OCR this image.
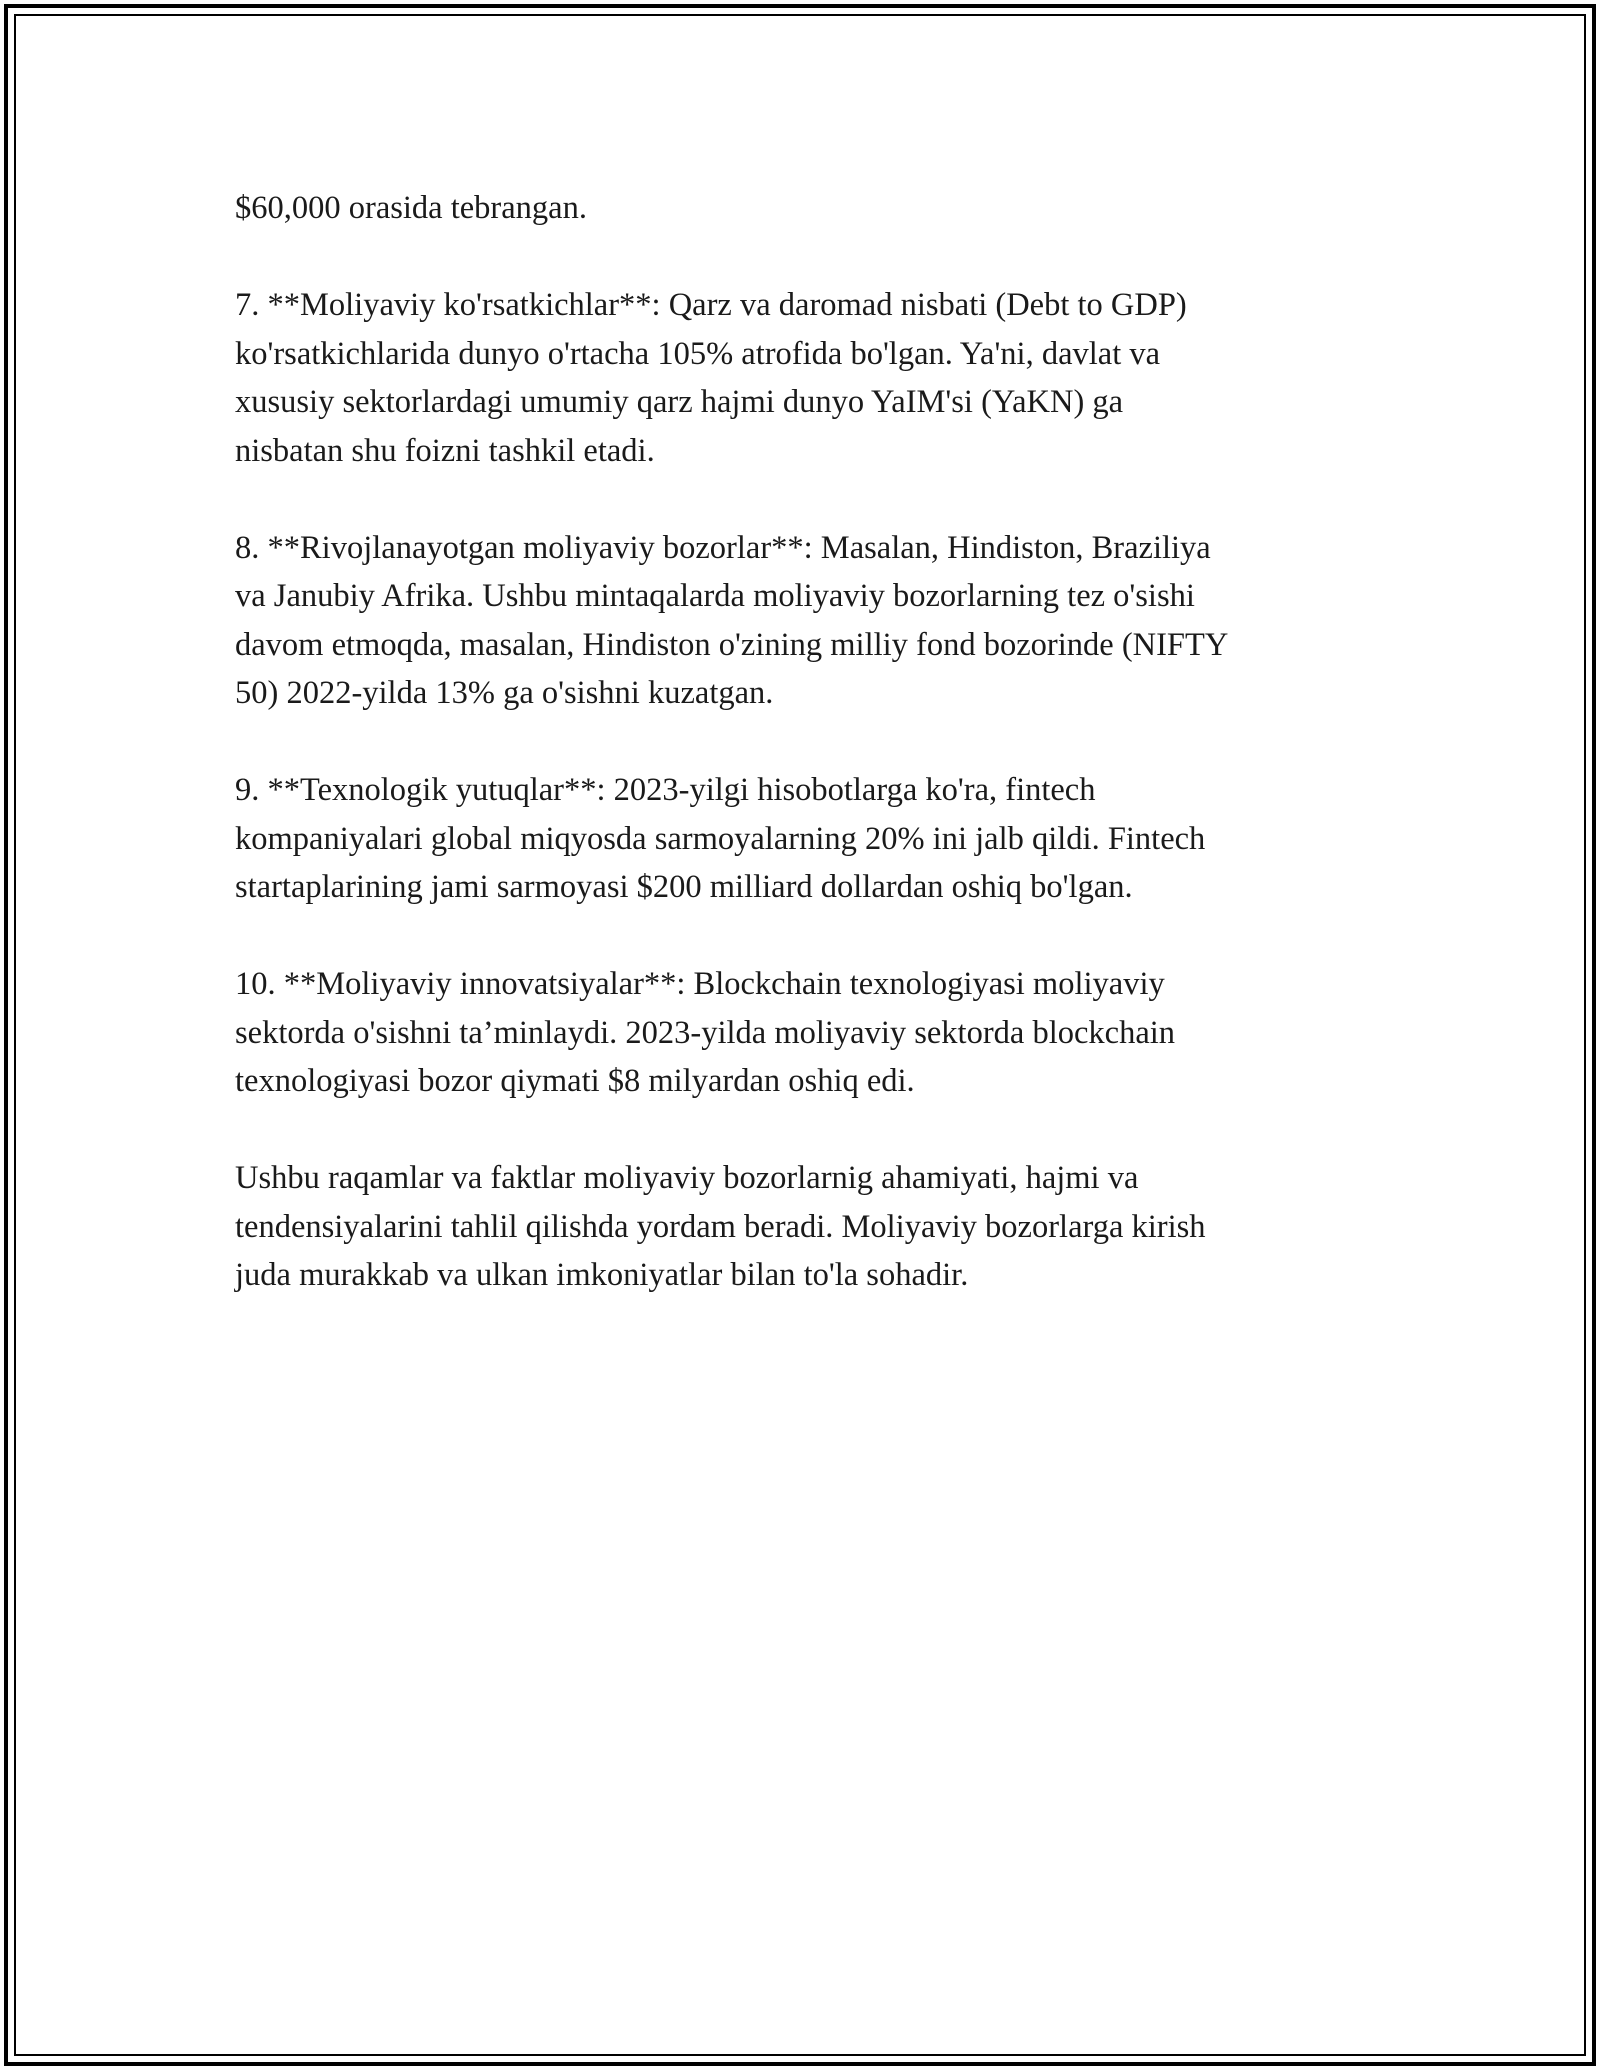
$60,000 orasida tebrangan.

7. **Moliyaviy ko'rsatkichlar**: Qarz va daromad nisbati (Debt to GDP)
ko'rsatkichlarida dunyo o'rtacha 105% atrofida bo'lgan. Ya'ni, davlat va
xususiy sektorlardagi umumiy qarz hajmi dunyo YaIM'si (YaKN) ga
nisbatan shu foizni tashkil etadi.

8. **Rivojlanayotgan moliyaviy bozorlar**: Masalan, Hindiston, Braziliya
va Janubiy Afrika. Ushbu mintaqalarda moliyaviy bozorlarning tez o'sishi
davom etmoqda, masalan, Hindiston o'zining milliy fond bozorinde (NIFTY
50) 2022-yilda 13% ga o'sishni kuzatgan.

9. **Texnologik yutuqlar**: 2023-yilgi hisobotlarga ko'ra, fintech
kompaniyalari global miqyosda sarmoyalarning 20% ini jalb qildi. Fintech
startaplarining jami sarmoyasi $200 milliard dollardan oshiq bo'lgan.

10. **Moliyaviy innovatsiyalar**: Blockchain texnologiyasi moliyaviy
sektorda o'sishni ta’minlaydi. 2023-yilda moliyaviy sektorda blockchain
texnologiyasi bozor qiymati $8 milyardan oshiq edi.

Ushbu raqamlar va faktlar moliyaviy bozorlarnig ahamiyati, hajmi va
tendensiyalarini tahlil qilishda yordam beradi. Moliyaviy bozorlarga kirish
juda murakkab va ulkan imkoniyatlar bilan to'la sohadir.
